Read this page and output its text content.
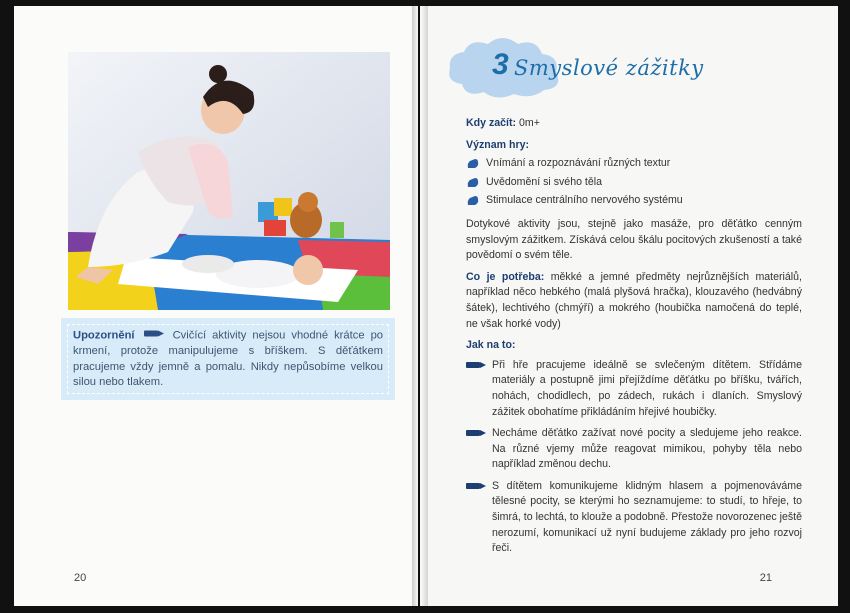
Upozornění	Cvičící aktivity nejsou vhodné krátce po krmení, protože manipulujeme s bříškem. S děťátkem pracujeme vždy jemně a pomalu. Nikdy nepůsobíme velkou silou nebo tlakem.
20
3 Smyslové zážitky

Kdy začít: 0m+

Význam hry:

Vnímání a rozpoznávání různých textur
Uvědomění si svého těla
Stimulace centrálního nervového systému

Dotykové aktivity jsou, stejně jako masáže, pro děťátko cenným smyslovým zážitkem. Získává celou škálu pocitových zkušeností a také povědomí o svém těle.

Co je potřeba: měkké a jemné předměty nejrůznějších materiálů, například něco hebkého (malá plyšová hračka), klouzavého (hedvábný šátek), lechtivého (chmýří) a mokrého (houbička namočená do teplé, ne však horké vody)

Jak na to:

Při hře pracujeme ideálně se svlečeným dítětem. Střídáme materiály a postupně jimi přejíždíme děťátku po bříšku, tvářích, nohách, chodidlech, po zádech, rukách i dlaních. Smyslový zážitek obohatíme přikládáním hřejivé houbičky.

Necháme děťátko zažívat nové pocity a sledujeme jeho reakce. Na různé vjemy může reagovat mimikou, pohyby těla nebo například změnou dechu.

S dítětem komunikujeme klidným hlasem a pojmenováváme tělesné pocity, se kterými ho seznamujeme: to studí, to hřeje, to šimrá, to lechtá, to klouže a podobně. Přestože novorozenec ještě nerozumí, komunikací už nyní budujeme základy pro jeho rozvoj řeči.

21
